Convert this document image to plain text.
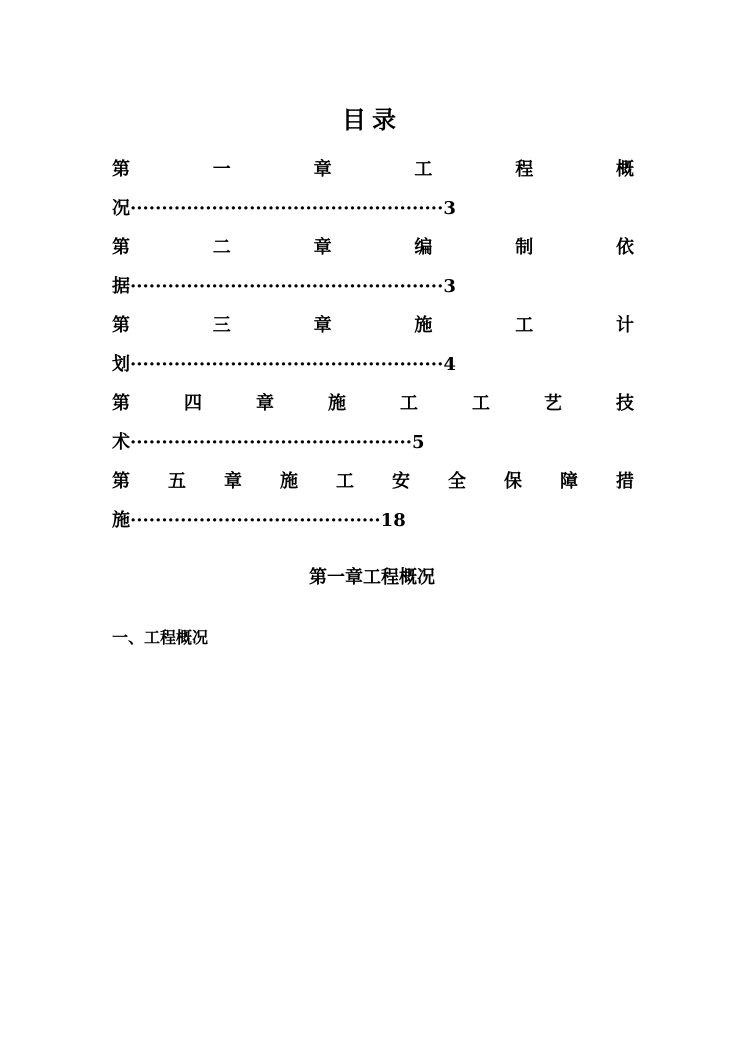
目录
第	一	章	工	程	概
况··················································3
第	二	章	编	制	依
据··················································3
第	三	章	施	工	计
划··················································4
第	四	章	施	工	工	艺	技
术·············································5
第 五 章 施 工 安 全 保 障 措
施········································18
第一章工程概况
一、工程概况
